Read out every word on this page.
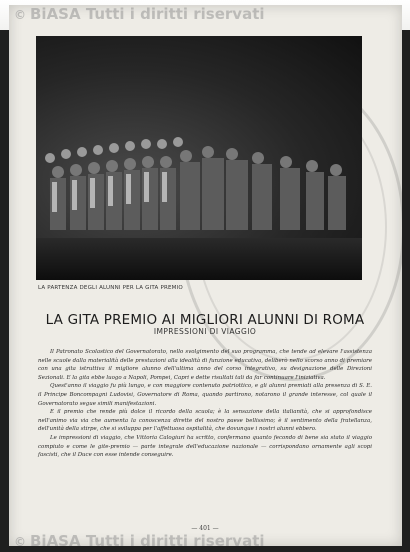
© BiASA Tutti i diritti riservati
LA PARTENZA DEGLI ALUNNI PER LA GITA PREMIO
LA GITA PREMIO AI MIGLIORI ALUNNI DI ROMA
IMPRESSIONI DI VIAGGIO

Il Patronato Scolastico del Governatorato, nello svolgimento del suo programma, che tende ad elevare l'assistenza nelle scuole dalla materialità delle prestazioni alla idealità di funzione educativa, deliberò nello scorso anno di premiare con una gita istruttiva il migliore alunno dell'ultima anno del corso integrativo, su designazione delle Direzioni Sezionali. E la gita ebbe luogo a Napoli, Pompei, Capri e dette risultati tali da far continuare l'iniziativa.

Quest'anno il viaggio fu più lungo, e con maggiore contenuto patriottico, e gli alunni premiati alla presenza di S. E. il Principe Boncompagni Ludovisi, Governatore di Roma, quando partirono, notarono il grande interesse, col quale il Governatorato segue simili manifestazioni.

E il premio che rende più dolce il ricordo della scuola; è la sensazione della italianità, che si approfondisce nell'animo via via che aumenta la conoscenza dirette del nostro paese bellissimo; è il sentimento della fratellanza, dell'unità della stirpe, che si sviluppa per l'affettuosa ospitalità, che dovunque i nostri alunni ebbero.

Le impressioni di viaggio, che Vittoria Calogiuri ha scritto, confermano quanto fecondo di bene sia stato il viaggio compiuto e come le gite-premio — parte integrale dell'educazione nazionale — corrispondano ornamente agli scopi fascisti, che il Duce con esse intende conseguire.

— 401 —
© BiASA Tutti i diritti riservati
